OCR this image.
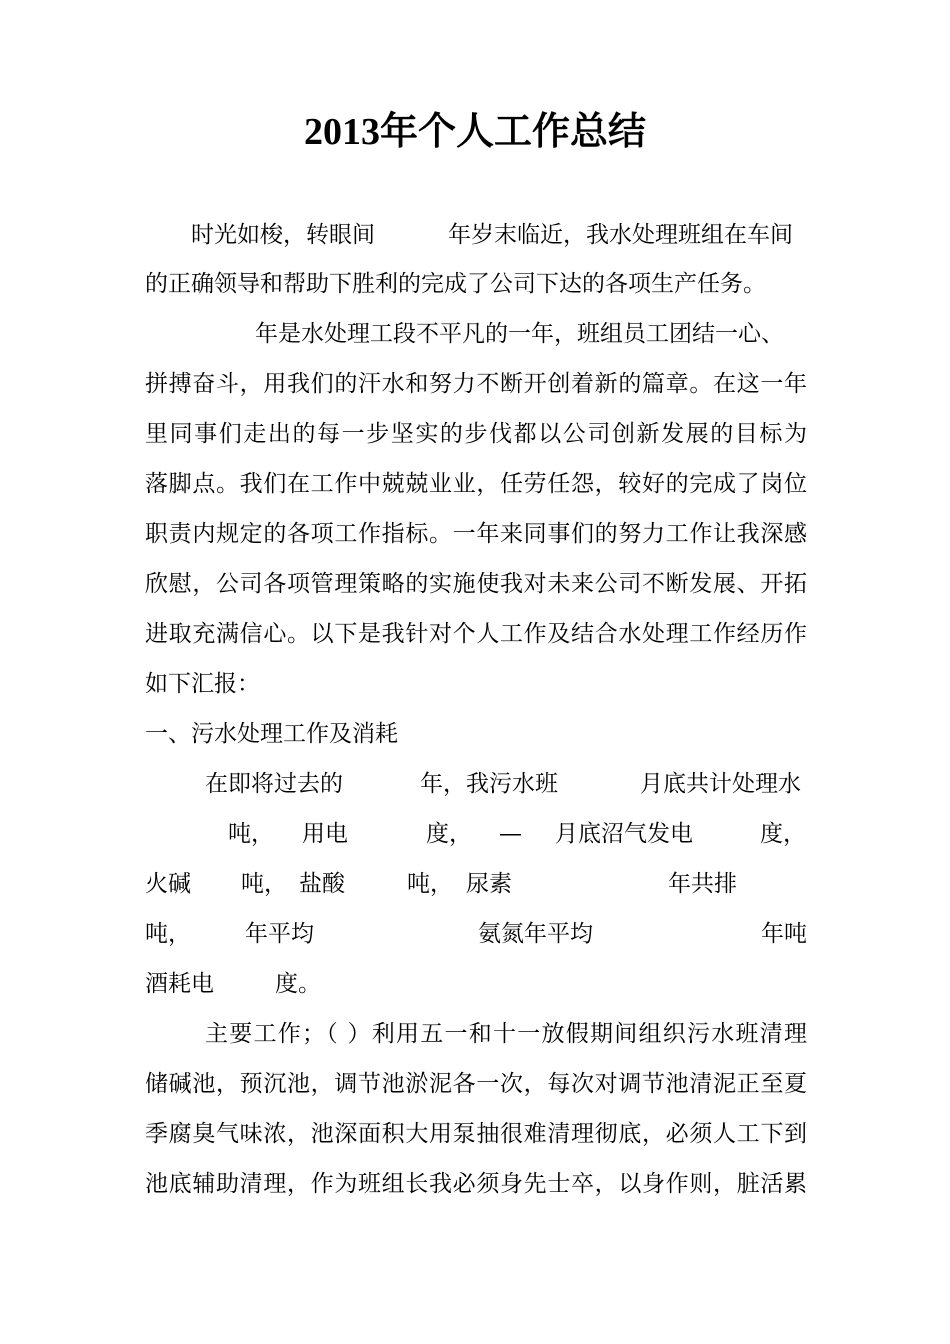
2013年个人工作总结
时光如梭，转眼间	年岁末临近，我水处理班组在车间
的正确领导和帮助下胜利的完成了公司下达的各项生产任务。
年是水处理工段不平凡的一年，班组员工团结一心、
拼搏奋斗，用我们的汗水和努力不断开创着新的篇章。在这一年
里同事们走出的每一步坚实的步伐都以公司创新发展的目标为
落脚点。我们在工作中兢兢业业，任劳任怨，较好的完成了岗位
职责内规定的各项工作指标。一年来同事们的努力工作让我深感
欣慰，公司各项管理策略的实施使我对未来公司不断发展、开拓
进取充满信心。以下是我针对个人工作及结合水处理工作经历作
如下汇报：
一、污水处理工作及消耗
在即将过去的	年，我污水班	月底共计处理水
吨， 用电	度， — 月底沼气发电	度，
火碱 吨， 盐酸	吨， 尿素	年共排
吨， 年平均	氨氮年平均	年吨
酒耗电	度。
主要工作；（ ）利用五一和十一放假期间组织污水班清理
储碱池，预沉池，调节池淤泥各一次，每次对调节池清泥正至夏
季腐臭气味浓，池深面积大用泵抽很难清理彻底，必须人工下到
池底辅助清理，作为班组长我必须身先士卒，以身作则，脏活累
